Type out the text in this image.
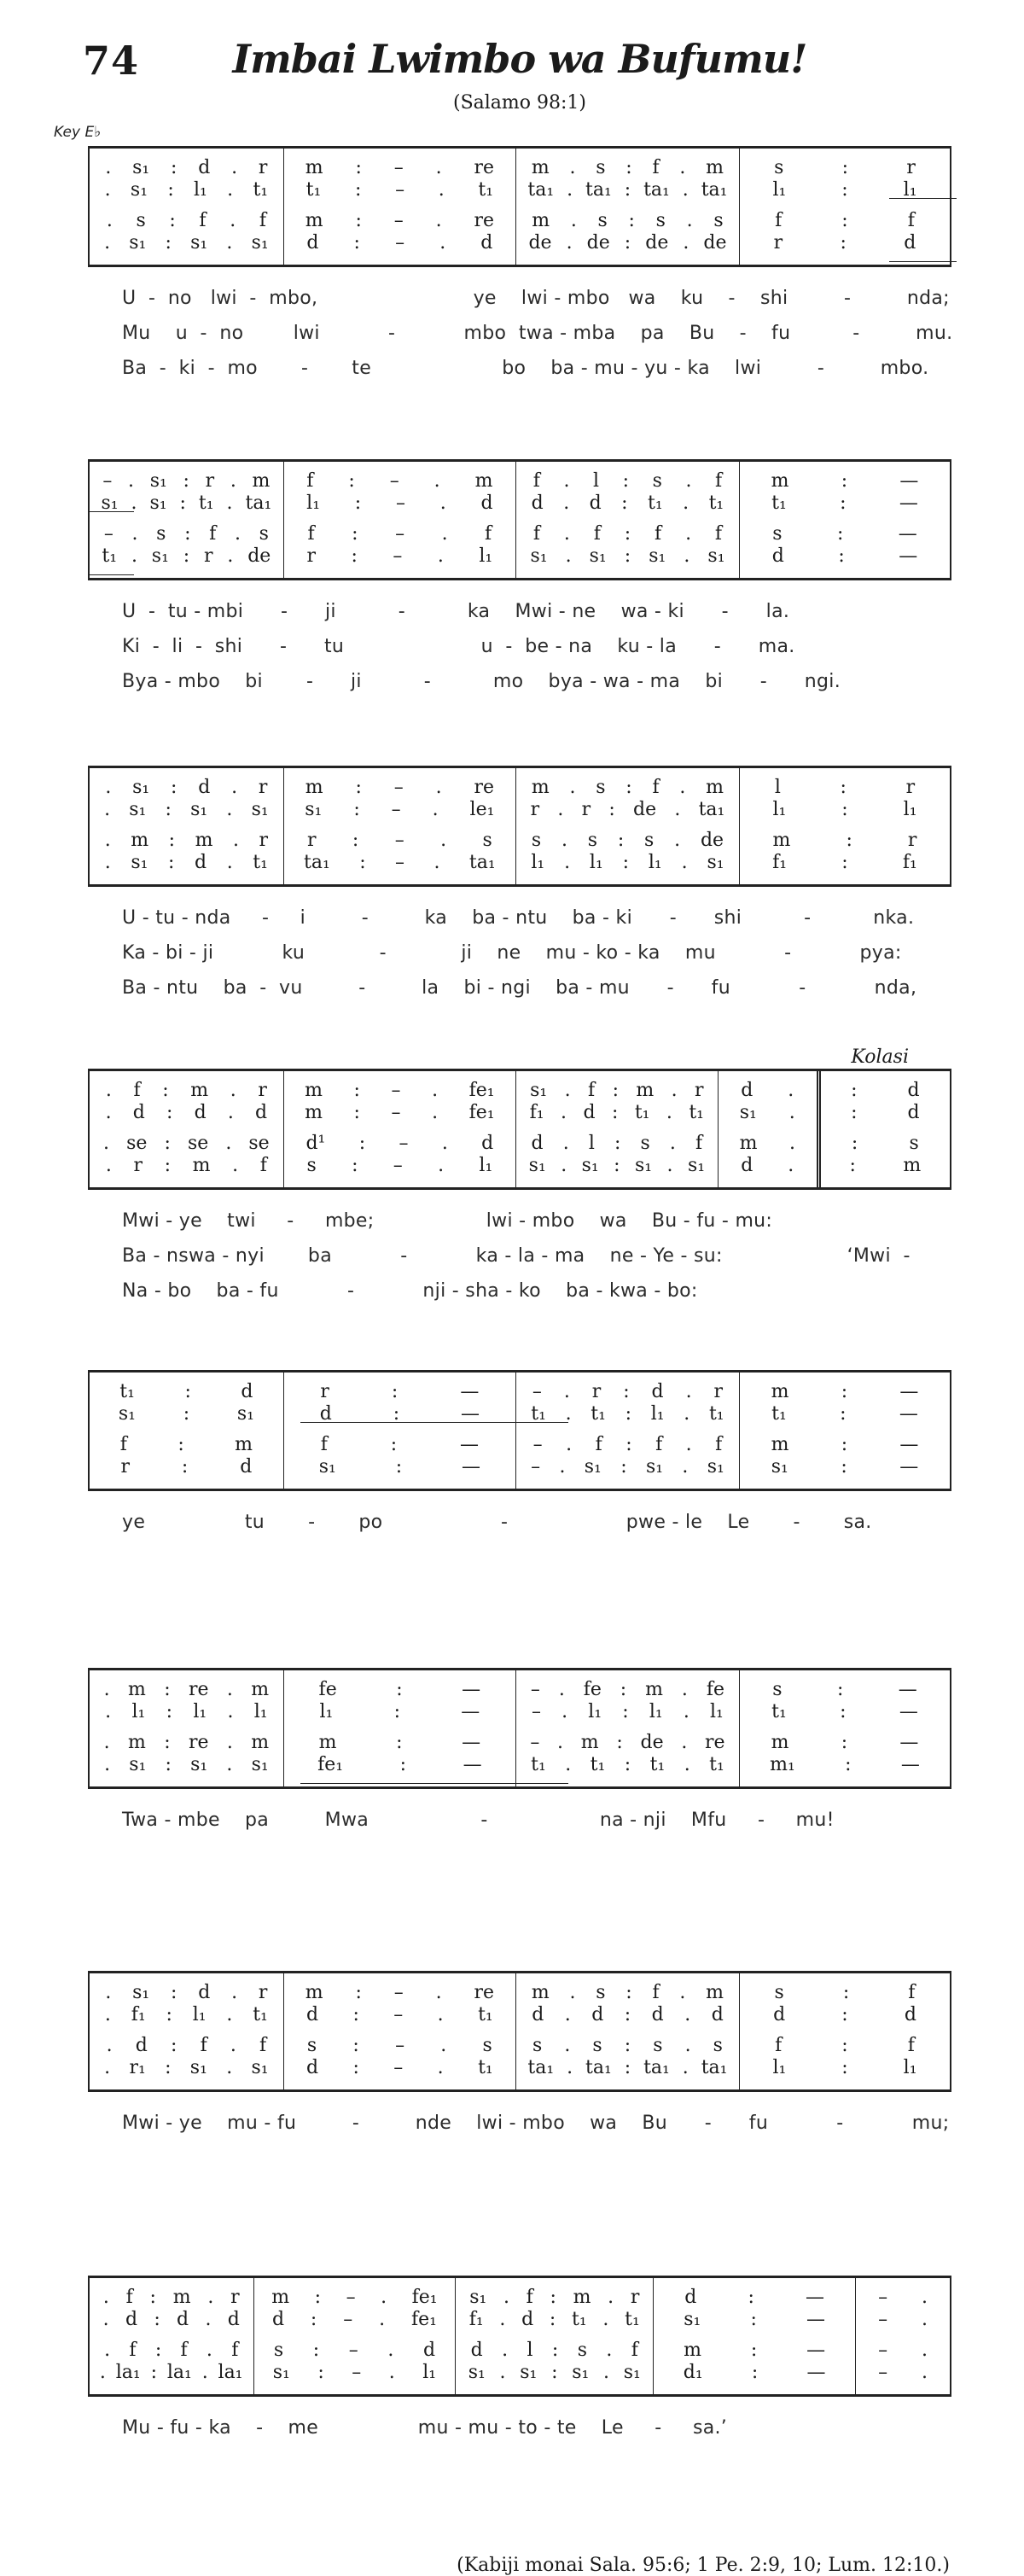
74	Imbai Lwimbo wa Bufumu!
(Salamo 98:1)
Key E♭
. s₁ : d . r m : – . re m . s : f . m	s	:	r
. s₁ : l₁ . t₁ t₁ : – . t₁ ta₁ . ta₁ : ta₁ . ta₁ l₁	:	l₁
. s : f . f m : – . re m . s : s . s	f	:	f
. s₁ : s₁ . s₁ d : – . d de . de : de . de	r	:	d
U  -  no   lwi  -  mbo,                         ye    lwi - mbo   wa    ku    -    shi         -         nda;
Mu    u  -  no        lwi           -           mbo  twa - mba    pa    Bu    -    fu          -         mu.
Ba  -  ki  -  mo       -       te                     bo    ba - mu - yu - ka    lwi         -         mbo.
– . s₁ : r . m f : – . m f . l : s . f	m	:	—
s₁ . s₁ : t₁ . ta₁ l₁ : – . d d . d : t₁ . t₁	t₁	:	—
– . s : f . s f : – . f f . f : f . f	s	:	—
t₁ . s₁ : r . de r : – . l₁ s₁ . s₁ : s₁ . s₁	d	:	—
U  -  tu - mbi      -      ji          -          ka    Mwi - ne    wa - ki      -      la.
Ki  -  li  -  shi      -      tu                      u  -  be - na    ku - la      -      ma.
Bya - mbo    bi       -      ji          -          mo    bya - wa - ma    bi      -      ngi.
. s₁ : d . r m : – . re m . s : f . m	l	:	r
. s₁ : s₁ . s₁ s₁ : – . le₁ r . r : de . ta₁	l₁	:	l₁
. m : m . r r : – . s s . s : s . de	m	:	r
. s₁ : d . t₁ ta₁ : – . ta₁ l₁ . l₁ : l₁ . s₁	f₁	:	f₁
U - tu - nda     -     i         -         ka    ba - ntu    ba - ki      -      shi          -          nka.
Ka - bi - ji           ku            -            ji    ne    mu - ko - ka    mu           -           pya:
Ba - ntu    ba  -  vu         -         la    bi - ngi    ba - mu      -      fu           -           nda,
Kolasi
. f : m . r m : – . fe₁ s₁ . f : m . r d .	:	d
. d : d . d m : – . fe₁ f₁ . d : t₁ . t₁ s₁ .	:	d
. se : se . se d¹ : – . d d . l : s . f m .	:	s
. r : m . f s : – . l₁ s₁ . s₁ : s₁ . s₁ d .	:	m
Mwi - ye    twi     -     mbe;                  lwi - mbo    wa    Bu - fu - mu:
Ba - nswa - nyi       ba           -           ka - la - ma    ne - Ye - su:                    ‘Mwi  -
Na - bo    ba - fu           -           nji - sha - ko    ba - kwa - bo:
t₁	:	d	r	:	—	– . r : d . r	m	:	—
s₁	:	s₁	d	:	—	t₁ . t₁ : l₁ . t₁	t₁	:	—
f	:	m	f	:	—	– . f : f . f	m	:	—
r	:	d	s₁	:	—	– . s₁ : s₁ . s₁ s₁	:	—
ye                tu       -       po                   -                   pwe - le    Le       -       sa.
. m : re . m	fe	:	—	– . fe : m . fe	s	:	—
. l₁ : l₁ . l₁	l₁	:	—	– . l₁ : l₁ . l₁	t₁	:	—
. m : re . m	m	:	—	– . m : de . re m	:	—
. s₁ : s₁ . s₁	fe₁	:	—	t₁ . t₁ : t₁ . t₁ m₁	:	—
Twa - mbe    pa         Mwa                  -                  na - nji    Mfu     -     mu!
. s₁ : d . r m : – . re m . s : f . m	s	:	f
. f₁ : l₁ . t₁ d : – . t₁ d . d : d . d	d	:	d
. d : f . f s : – . s s . s : s . s	f	:	f
. r₁ : s₁ . s₁ d : – . t₁ ta₁ . ta₁ : ta₁ . ta₁ l₁	:	l₁
Mwi - ye    mu - fu         -         nde    lwi - mbo    wa    Bu      -      fu           -           mu;
. f : m . r m : – . fe₁ s₁ . f : m . r d	:	—	– .
. d : d . d d : – . fe₁ f₁ . d : t₁ . t₁ s₁	:	—	– .
. f : f . f s : – . d d . l : s . f m	:	—	– .
. la₁ : la₁ . la₁ s₁ : – . l₁ s₁ . s₁ : s₁ . s₁ d₁	:	—	– .
Mu - fu - ka    -    me                mu - mu - to - te    Le     -     sa.’
(Kabiji monai Sala. 95:6; 1 Pe. 2:9, 10; Lum. 12:10.)
